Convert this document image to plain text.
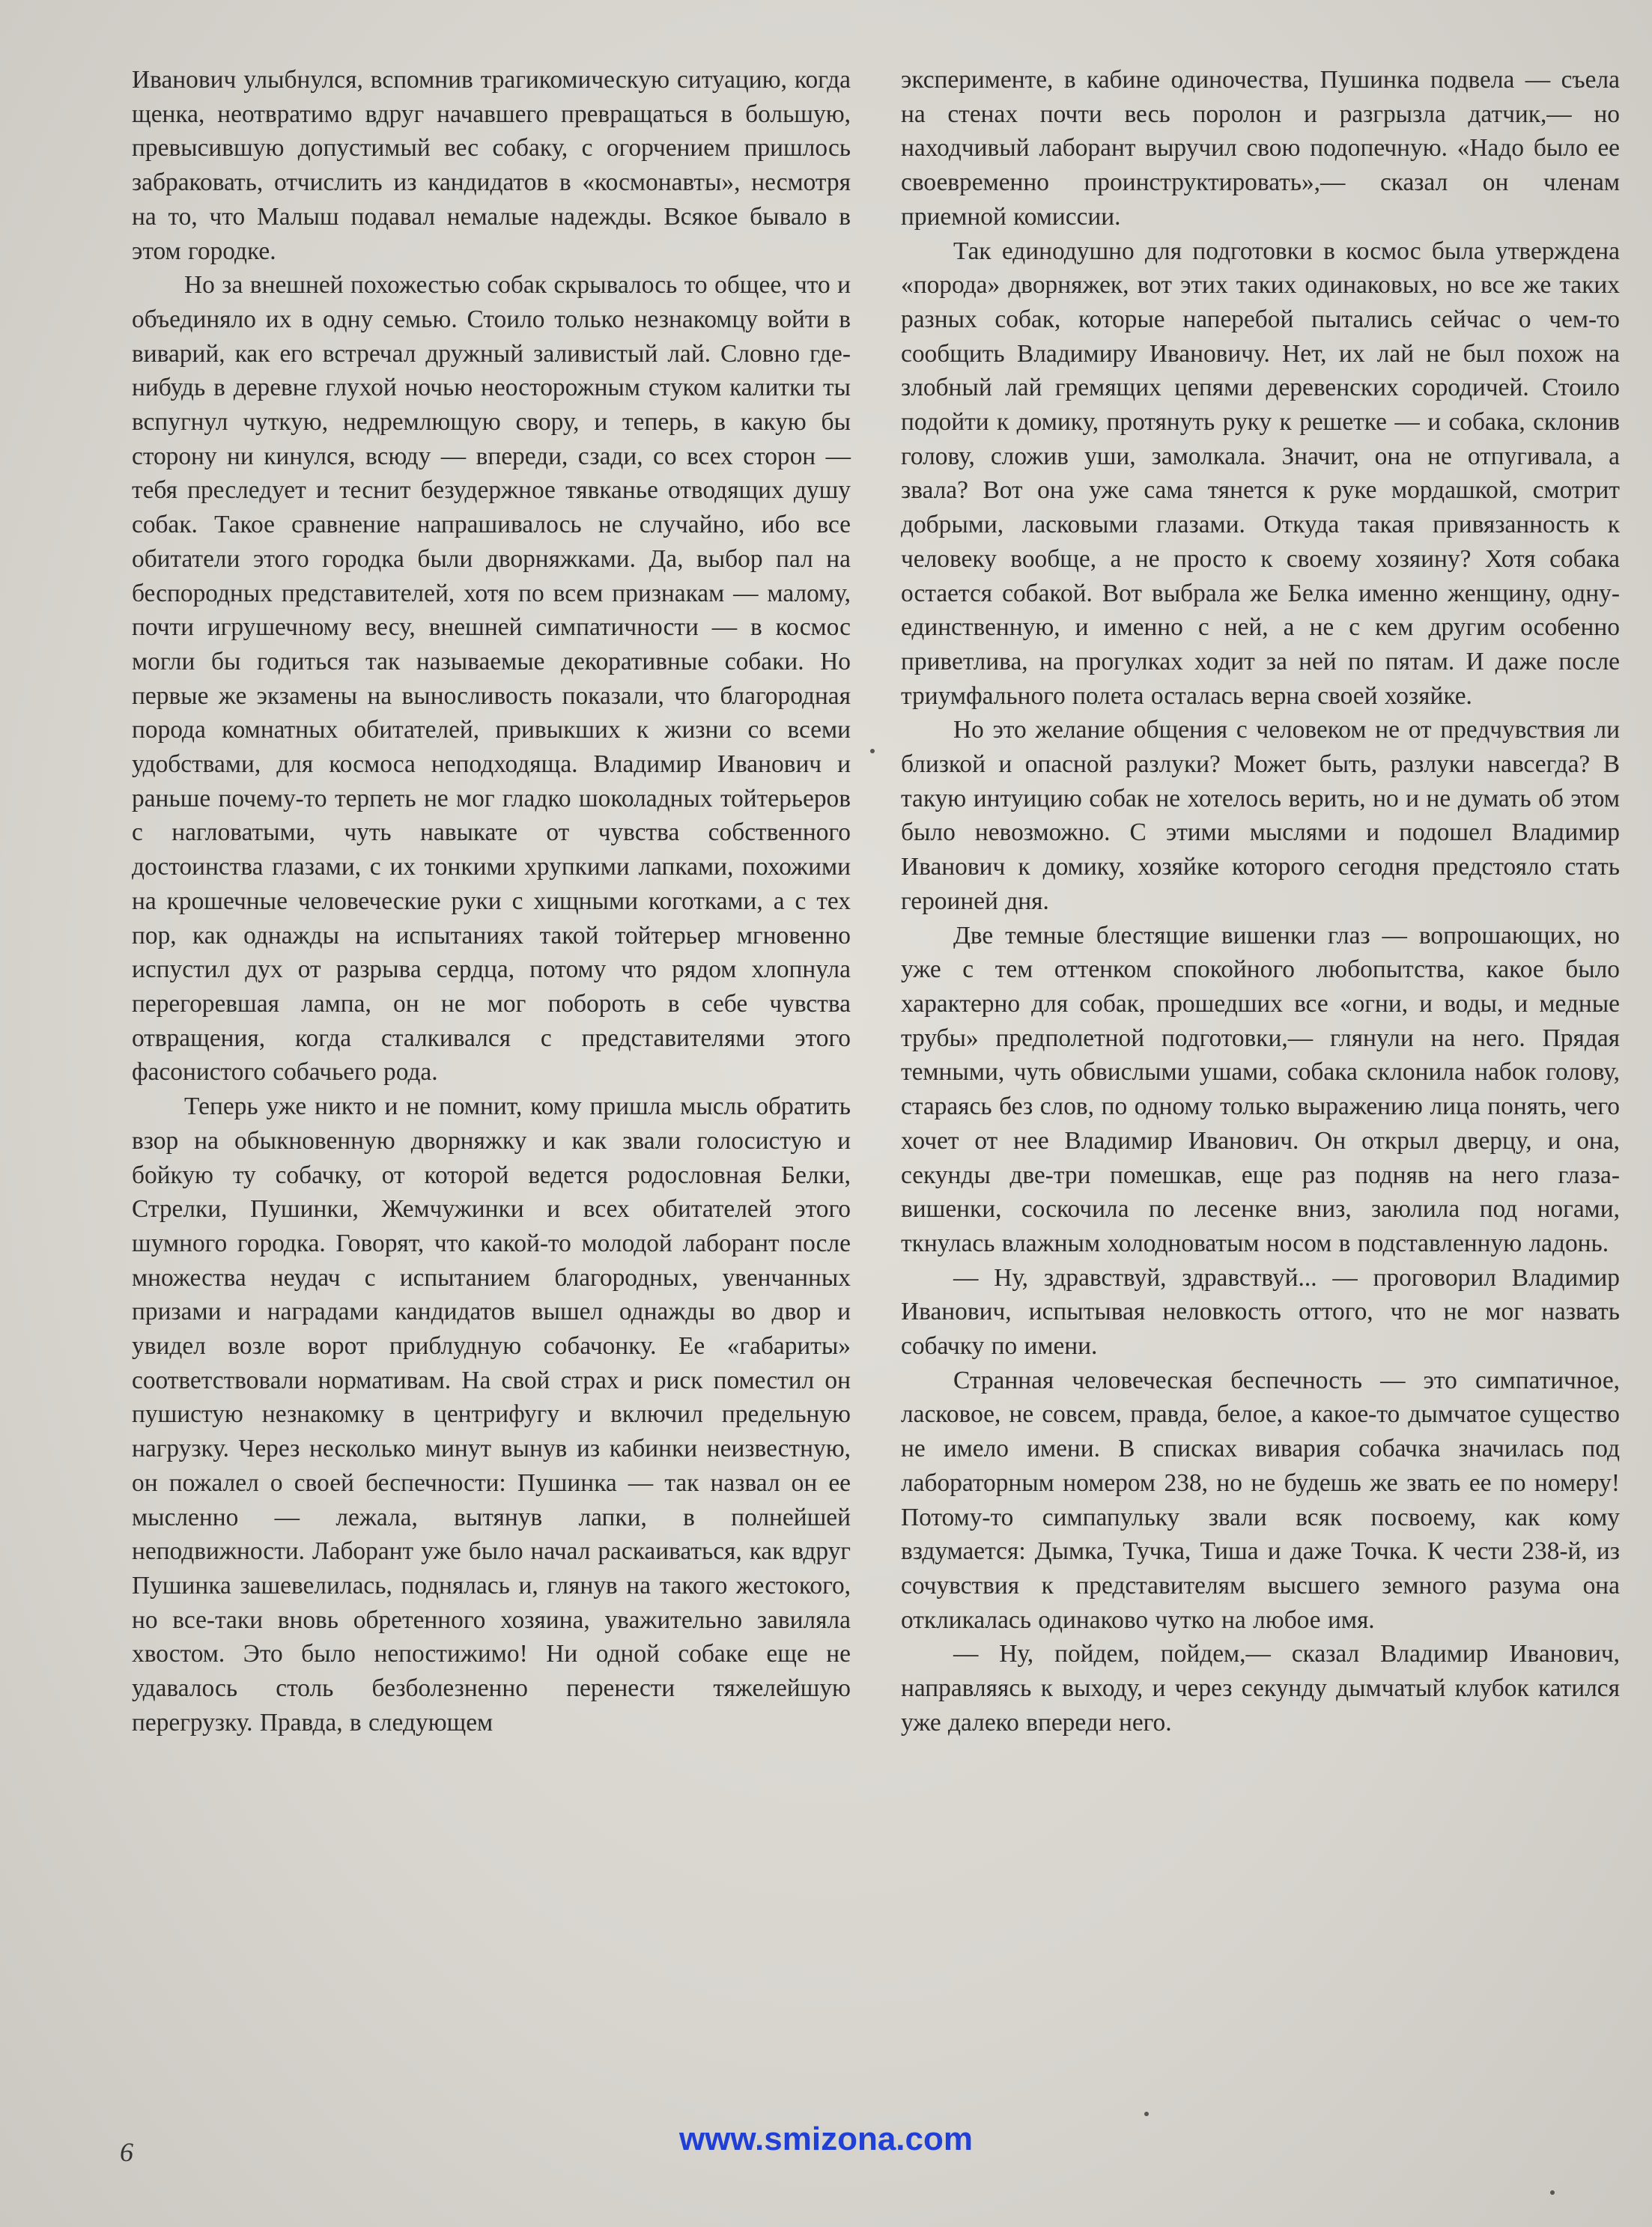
Иванович улыбнулся, вспомнив трагикомическую ситуацию, когда щенка, неотвратимо вдруг начавшего превращаться в большую, превысившую допустимый вес собаку, с огорчением пришлось забраковать, отчислить из кандидатов в «космонавты», несмотря на то, что Малыш подавал немалые надежды. Всякое бывало в этом городке.

Но за внешней похожестью собак скрывалось то общее, что и объединяло их в одну семью. Стоило только незнакомцу войти в виварий, как его встречал дружный заливистый лай. Словно где-нибудь в деревне глухой ночью неосторожным стуком калитки ты вспугнул чуткую, недремлющую свору, и теперь, в какую бы сторону ни кинулся, всюду — впереди, сзади, со всех сторон — тебя преследует и теснит безудержное тявканье отводящих душу собак. Такое сравнение напрашивалось не случайно, ибо все обитатели этого городка были дворняжками. Да, выбор пал на беспородных представителей, хотя по всем признакам — малому, почти игрушечному весу, внешней симпатичности — в космос могли бы годиться так называемые декоративные собаки. Но первые же экзамены на выносливость показали, что благородная порода комнатных обитателей, привыкших к жизни со всеми удобствами, для космоса неподходяща. Владимир Иванович и раньше почему-то терпеть не мог гладко шоколадных тойтерьеров с нагловатыми, чуть навыкате от чувства собственного достоинства глазами, с их тонкими хрупкими лапками, похожими на крошечные человеческие руки с хищными коготками, а с тех пор, как однажды на испытаниях такой тойтерьер мгновенно испустил дух от разрыва сердца, потому что рядом хлопнула перегоревшая лампа, он не мог побороть в себе чувства отвращения, когда сталкивался с представителями этого фасонистого собачьего рода.

Теперь уже никто и не помнит, кому пришла мысль обратить взор на обыкновенную дворняжку и как звали голосистую и бойкую ту собачку, от которой ведется родословная Белки, Стрелки, Пушинки, Жемчужинки и всех обитателей этого шумного городка. Говорят, что какой-то молодой лаборант после множества неудач с испытанием благородных, увенчанных призами и наградами кандидатов вышел однажды во двор и увидел возле ворот приблудную собачонку. Ее «габариты» соответствовали нормативам. На свой страх и риск поместил он пушистую незнакомку в центрифугу и включил предельную нагрузку. Через несколько минут вынув из кабинки неизвестную, он пожалел о своей беспечности: Пушинка — так назвал он ее мысленно — лежала, вытянув лапки, в полнейшей неподвижности. Лаборант уже было начал раскаиваться, как вдруг Пушинка зашевелилась, поднялась и, глянув на такого жестокого, но все-таки вновь обретенного хозяина, уважительно завиляла хвостом. Это было непостижимо! Ни одной собаке еще не удавалось столь безболезненно перенести тяжелейшую перегрузку. Правда, в следующем

эксперименте, в кабине одиночества, Пушинка подвела — съела на стенах почти весь поролон и разгрызла датчик,— но находчивый лаборант выручил свою подопечную. «Надо было ее своевременно проинструктировать»,— сказал он членам приемной комиссии.

Так единодушно для подготовки в космос была утверждена «порода» дворняжек, вот этих таких одинаковых, но все же таких разных собак, которые наперебой пытались сейчас о чем-то сообщить Владимиру Ивановичу. Нет, их лай не был похож на злобный лай гремящих цепями деревенских сородичей. Стоило подойти к домику, протянуть руку к решетке — и собака, склонив голову, сложив уши, замолкала. Значит, она не отпугивала, а звала? Вот она уже сама тянется к руке мордашкой, смотрит добрыми, ласковыми глазами. Откуда такая привязанность к человеку вообще, а не просто к своему хозяину? Хотя собака остается собакой. Вот выбрала же Белка именно женщину, одну-единственную, и именно с ней, а не с кем другим особенно приветлива, на прогулках ходит за ней по пятам. И даже после триумфального полета осталась верна своей хозяйке.

Но это желание общения с человеком не от предчувствия ли близкой и опасной разлуки? Может быть, разлуки навсегда? В такую интуицию собак не хотелось верить, но и не думать об этом было невозможно. С этими мыслями и подошел Владимир Иванович к домику, хозяйке которого сегодня предстояло стать героиней дня.

Две темные блестящие вишенки глаз — вопрошающих, но уже с тем оттенком спокойного любопытства, какое было характерно для собак, прошедших все «огни, и воды, и медные трубы» предполетной подготовки,— глянули на него. Прядая темными, чуть обвислыми ушами, собака склонила набок голову, стараясь без слов, по одному только выражению лица понять, чего хочет от нее Владимир Иванович. Он открыл дверцу, и она, секунды две-три помешкав, еще раз подняв на него глаза-вишенки, соскочила по лесенке вниз, заюлила под ногами, ткнулась влажным холодноватым носом в подставленную ладонь.

— Ну, здравствуй, здравствуй... — проговорил Владимир Иванович, испытывая неловкость оттого, что не мог назвать собачку по имени.

Странная человеческая беспечность — это симпатичное, ласковое, не совсем, правда, белое, а какое-то дымчатое существо не имело имени. В списках вивария собачка значилась под лабораторным номером 238, но не будешь же звать ее по номеру! Потому-то симпапульку звали всяк посвоему, как кому вздумается: Дымка, Тучка, Тиша и даже Точка. К чести 238-й, из сочувствия к представителям высшего земного разума она откликалась одинаково чутко на любое имя.

— Ну, пойдем, пойдем,— сказал Владимир Иванович, направляясь к выходу, и через секунду дымчатый клубок катился уже далеко впереди него.

6	www.smizona.com
